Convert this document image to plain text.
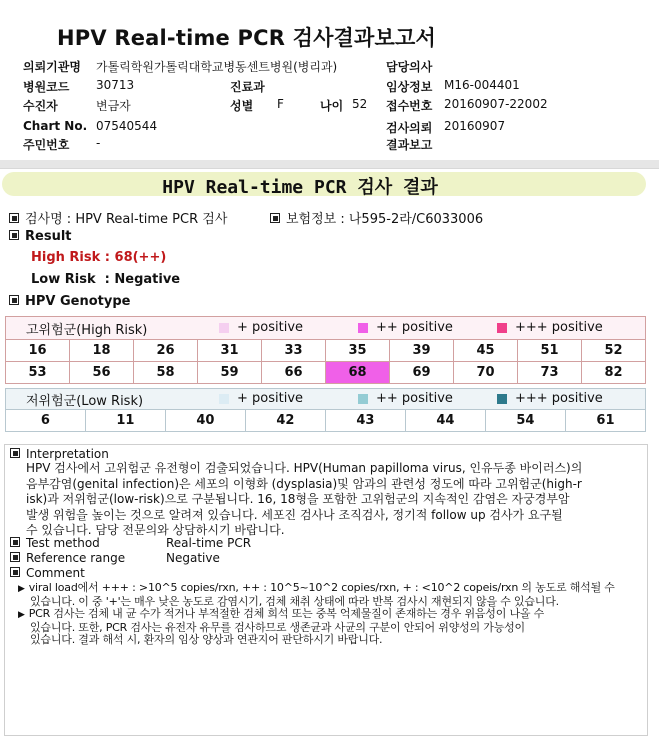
HPV Real-time PCR 검사결과보고서
의뢰기관명 가톨릭학원가톨릭대학교병동센트병원(병리과)	담당의사
병원코드 30713	진료과	임상정보 M16-004401
수진자	변금자	성별 F	나이 52 접수번호 20160907-22002
Chart No. 07540544	검사의뢰 20160907
주민번호 -	결과보고
HPV Real-time PCR 검사 결과
검사명 : HPV Real-time PCR 검사	보험정보 : 나595-2라/C6033006
Result
High Risk : 68(++)
Low Risk  : Negative
HPV Genotype
고위험군(High Risk) + positive ++ positive +++ positive									

16	18	26	31	33	35	39	45	51	52
53	56	58	59	66	68	69	70	73	82
저위험군(Low Risk)	+ positive	++ positive	+++ positive

6	11	40	42	43	44	54	61
Interpretation
HPV 검사에서 고위험군 유전형이 검출되었습니다. HPV(Human papilloma virus, 인유두종 바이러스)의
음부감염(genital infection)은 세포의 이형화 (dysplasia)및 암과의 관련성 정도에 따라 고위험군(high-r
isk)과 저위험군(low-risk)으로 구분됩니다. 16, 18형을 포함한 고위험군의 지속적인 감염은 자궁경부암
발생 위험을 높이는 것으로 알려져 있습니다. 세포진 검사나 조직검사, 정기적 follow up 검사가 요구될
수 있습니다. 담당 전문의와 상담하시기 바랍니다.
Test method	Real-time PCR
Reference range	Negative
Comment
▶ viral load에서 +++ : >10^5 copies/rxn, ++ : 10^5~10^2 copies/rxn, + : <10^2 copeis/rxn 의 농도로 해석될 수
있습니다. 이 중 '+'는 매우 낮은 농도로 감염시기, 검체 채취 상태에 따라 반복 검사시 재현되지 않을 수 있습니다.
▶ PCR 검사는 검체 내 균 수가 적거나 부적절한 검체 희석 또는 중복 억제물질이 존재하는 경우 위음성이 나올 수
있습니다. 또한, PCR 검사는 유전자 유무를 검사하므로 생존균과 사균의 구분이 안되어 위양성의 가능성이
있습니다. 결과 해석 시, 환자의 임상 양상과 연관지어 판단하시기 바랍니다.
